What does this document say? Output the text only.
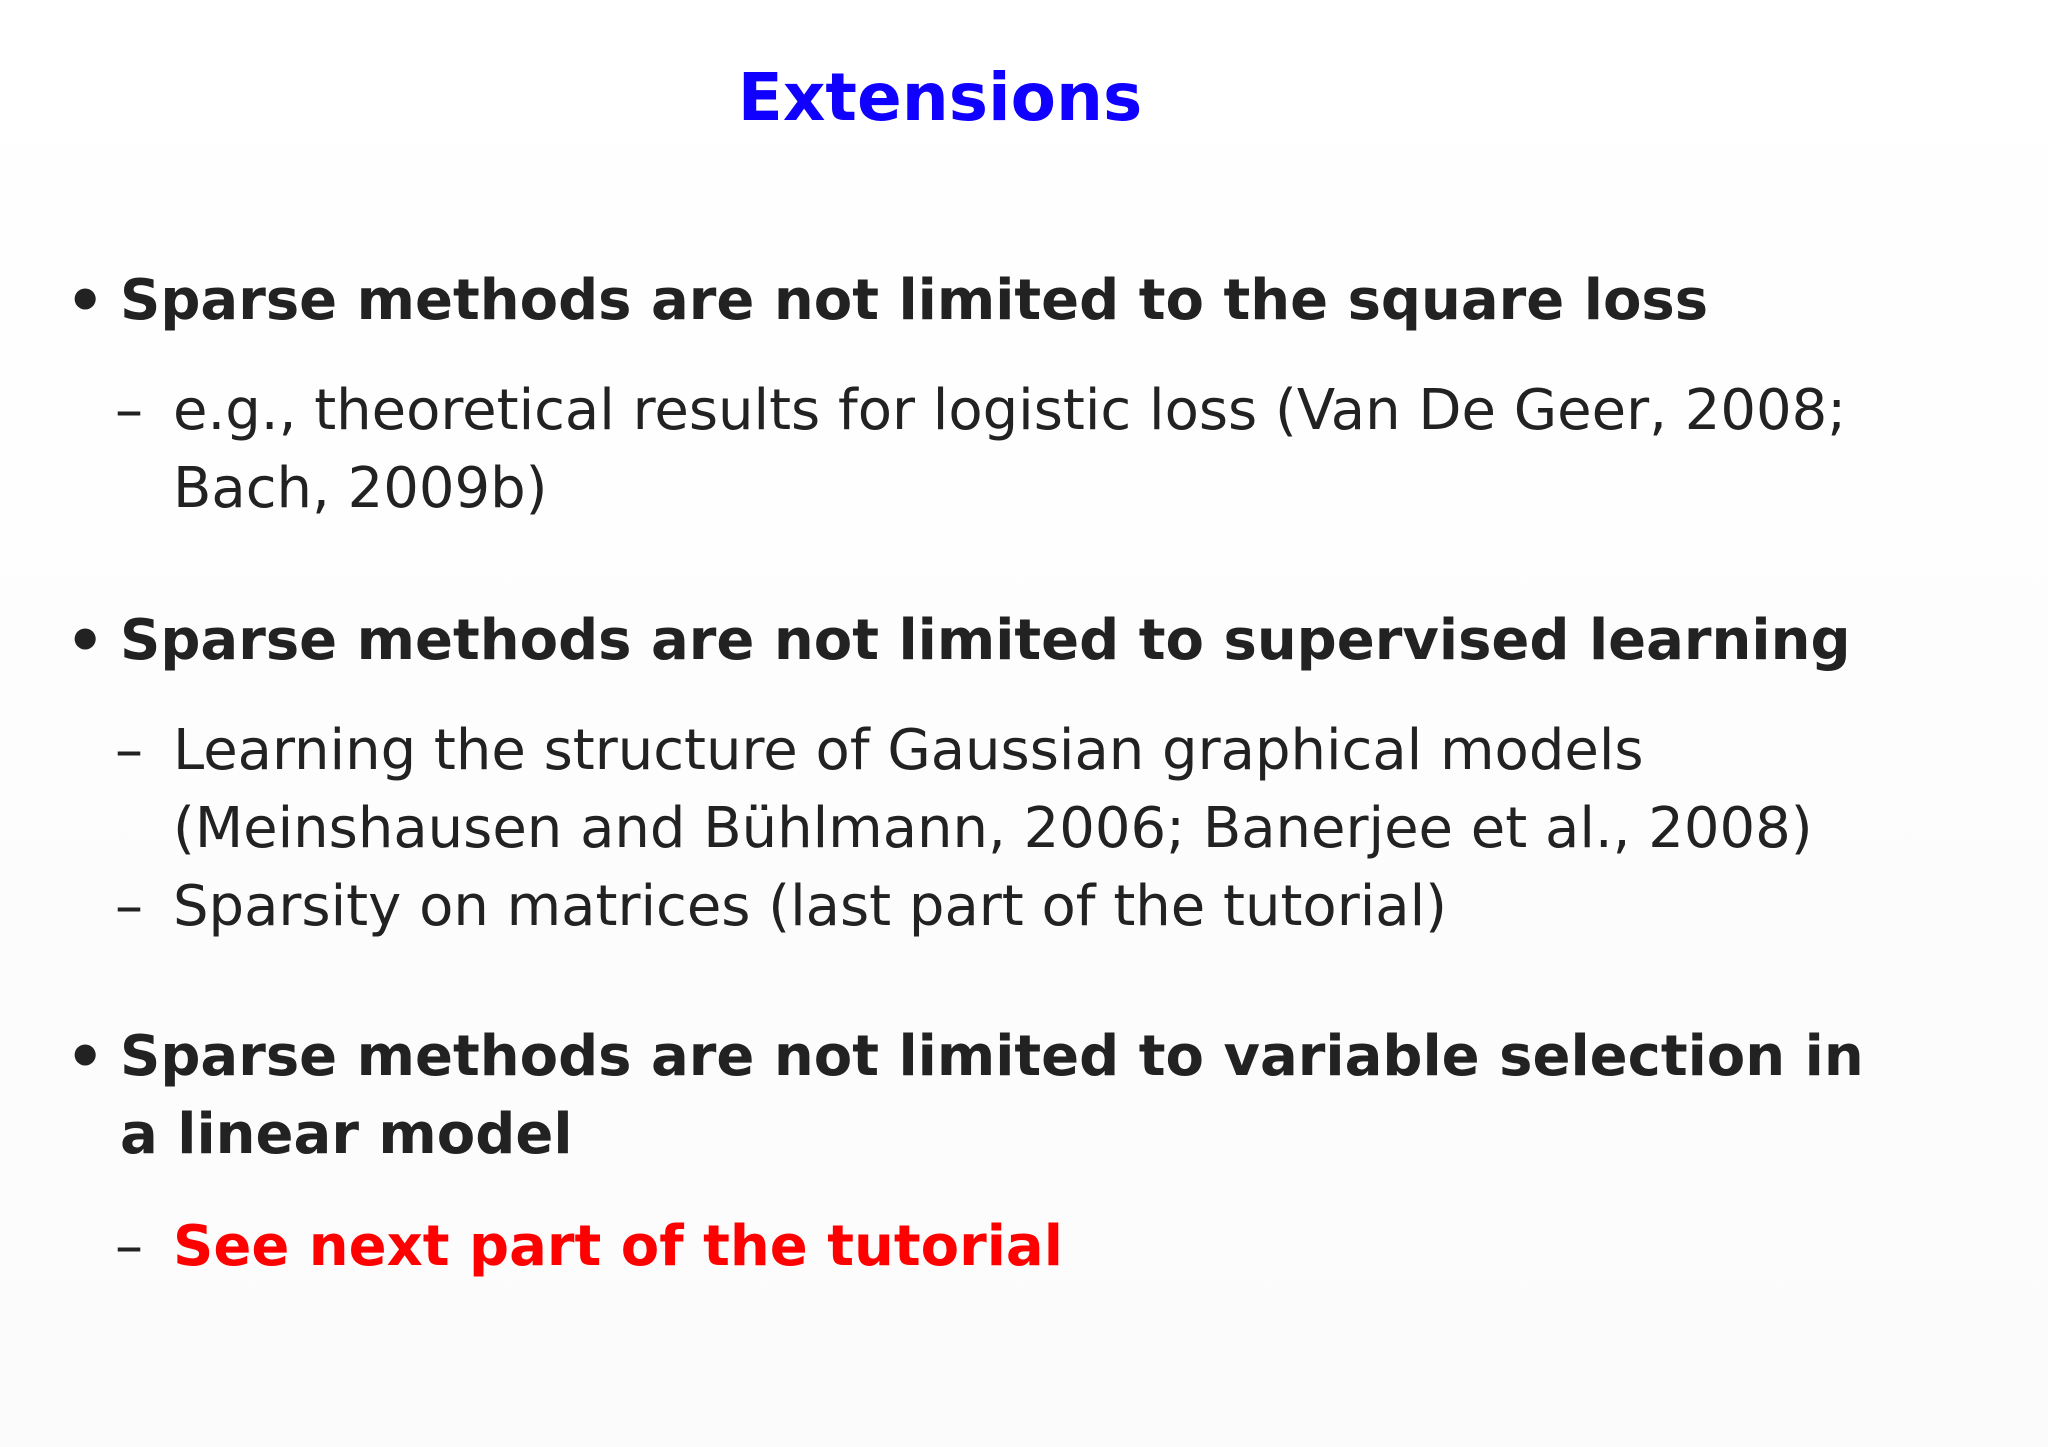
Extensions
• Sparse methods are not limited to the square loss
– e.g., theoretical results for logistic loss (Van De Geer, 2008; Bach, 2009b)
• Sparse methods are not limited to supervised learning
– Learning the structure of Gaussian graphical models (Meinshausen and Bühlmann, 2006; Banerjee et al., 2008)
– Sparsity on matrices (last part of the tutorial)
• Sparse methods are not limited to variable selection in a linear model
– See next part of the tutorial
